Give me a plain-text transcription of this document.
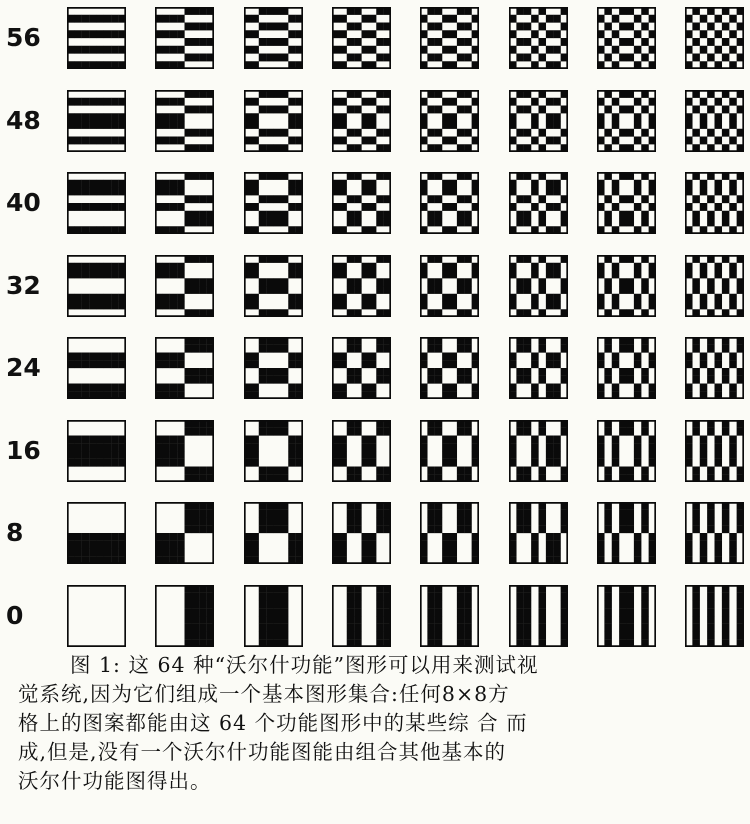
56
48
40
32
24
16
8
0

图 1: 这 64 种“沃尔什功能”图形可以用来测试视
觉系统,因为它们组成一个基本图形集合:任何8×8方
格上的图案都能由这 64 个功能图形中的某些综 合 而
成,但是,没有一个沃尔什功能图能由组合其他基本的
沃尔什功能图得出。
